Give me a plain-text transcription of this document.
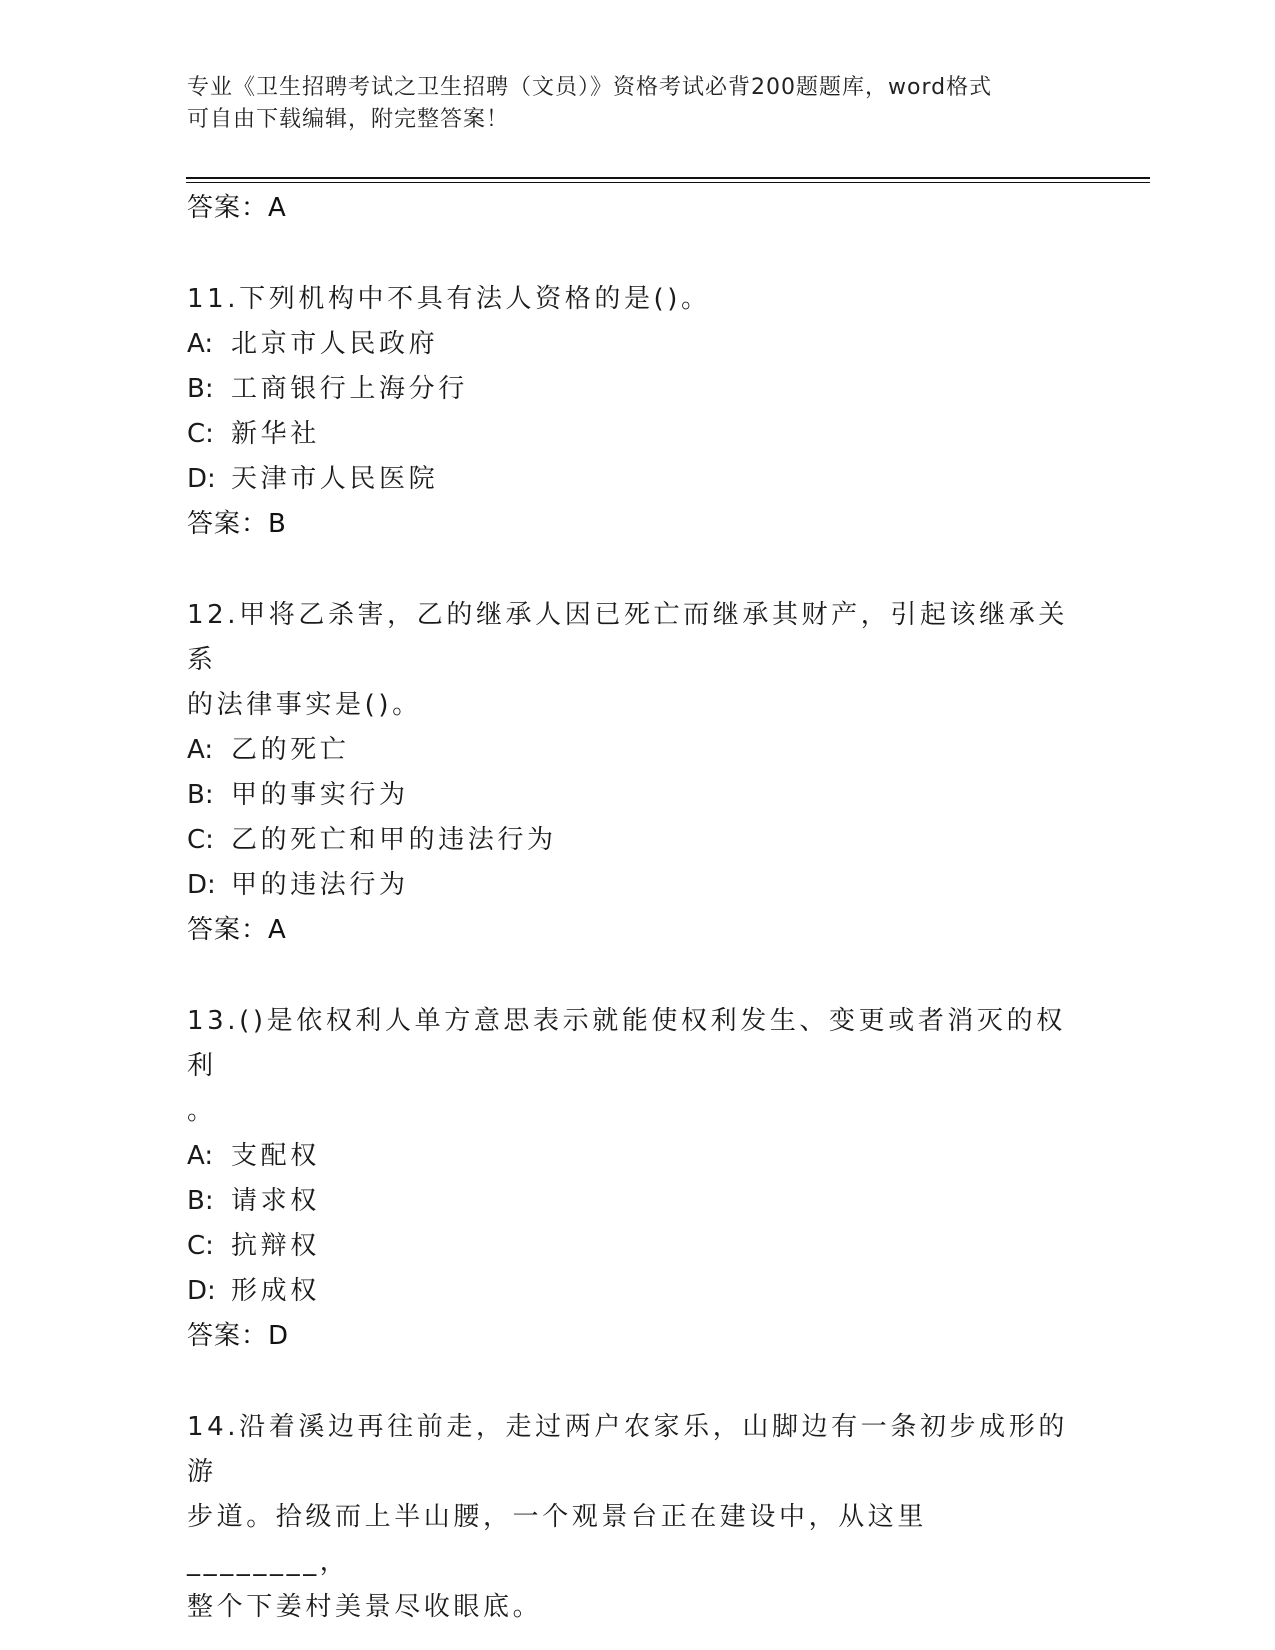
专业《卫生招聘考试之卫生招聘（文员）》资格考试必背200题题库，word格式
可自由下载编辑，附完整答案！
答案：A
11.下列机构中不具有法人资格的是()。
A: 北京市人民政府
B: 工商银行上海分行
C: 新华社
D: 天津市人民医院
答案：B
12.甲将乙杀害，乙的继承人因已死亡而继承其财产，引起该继承关系
的法律事实是()。
A: 乙的死亡
B: 甲的事实行为
C: 乙的死亡和甲的违法行为
D: 甲的违法行为
答案：A
13.()是依权利人单方意思表示就能使权利发生、变更或者消灭的权利
。
A: 支配权
B: 请求权
C: 抗辩权
D: 形成权
答案：D
14.沿着溪边再往前走，走过两户农家乐，山脚边有一条初步成形的游
步道。拾级而上半山腰，一个观景台正在建设中，从这里________，
整个下姜村美景尽收眼底。
